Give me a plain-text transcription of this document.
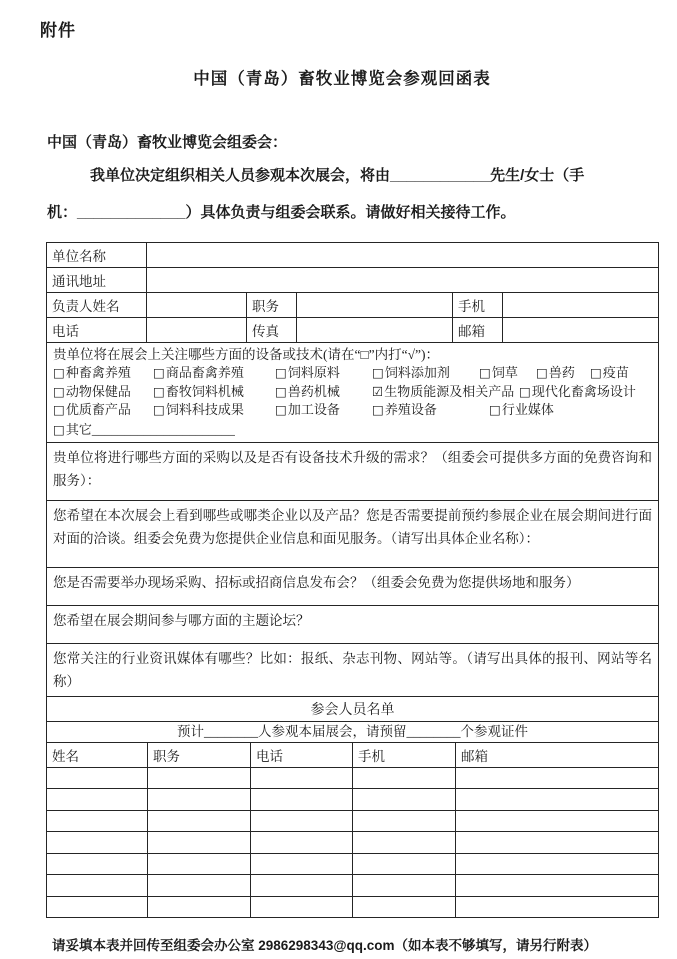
附件
中国（青岛）畜牧业博览会参观回函表
中国（青岛）畜牧业博览会组委会：

我单位决定组织相关人员参观本次展会，将由____________先生/女士（手
机：_____________）具体负责与组委会联系。请做好相关接待工作。

单位名称					
通讯地址					
负责人姓名		职务		手机	
电话		传真		邮箱	
贵单位将在展会上关注哪些方面的设备或技术(请在“□”内打“√”)：
□种畜禽养殖 □商品畜禽养殖 □饲料原料	□饲料添加剂 □饲草 □兽药 □疫苗
□动物保健品 □畜牧饲料机械 □兽药机械	☑生物质能源及相关产品 □现代化畜禽场设计
□优质畜产品 □饲料科技成果 □加工设备	□养殖设备	□行业媒体
□其它______________________

贵单位将进行哪些方面的采购以及是否有设备技术升级的需求？（组委会可提供多方面的免费咨询和服务）：
您希望在本次展会上看到哪些或哪类企业以及产品？您是否需要提前预约参展企业在展会期间进行面对面的洽谈。组委会免费为您提供企业信息和面见服务。（请写出具体企业名称）：
您是否需要举办现场采购、招标或招商信息发布会？（组委会免费为您提供场地和服务）
您希望在展会期间参与哪方面的主题论坛？
您常关注的行业资讯媒体有哪些？比如：报纸、杂志刊物、网站等。（请写出具体的报刊、网站等名称）
参会人员名单
预计________人参观本届展会，请预留________个参观证件
姓名	职务	电话	手机	邮箱

请妥填本表并回传至组委会办公室 2986298343@qq.com（如本表不够填写，请另行附表）
